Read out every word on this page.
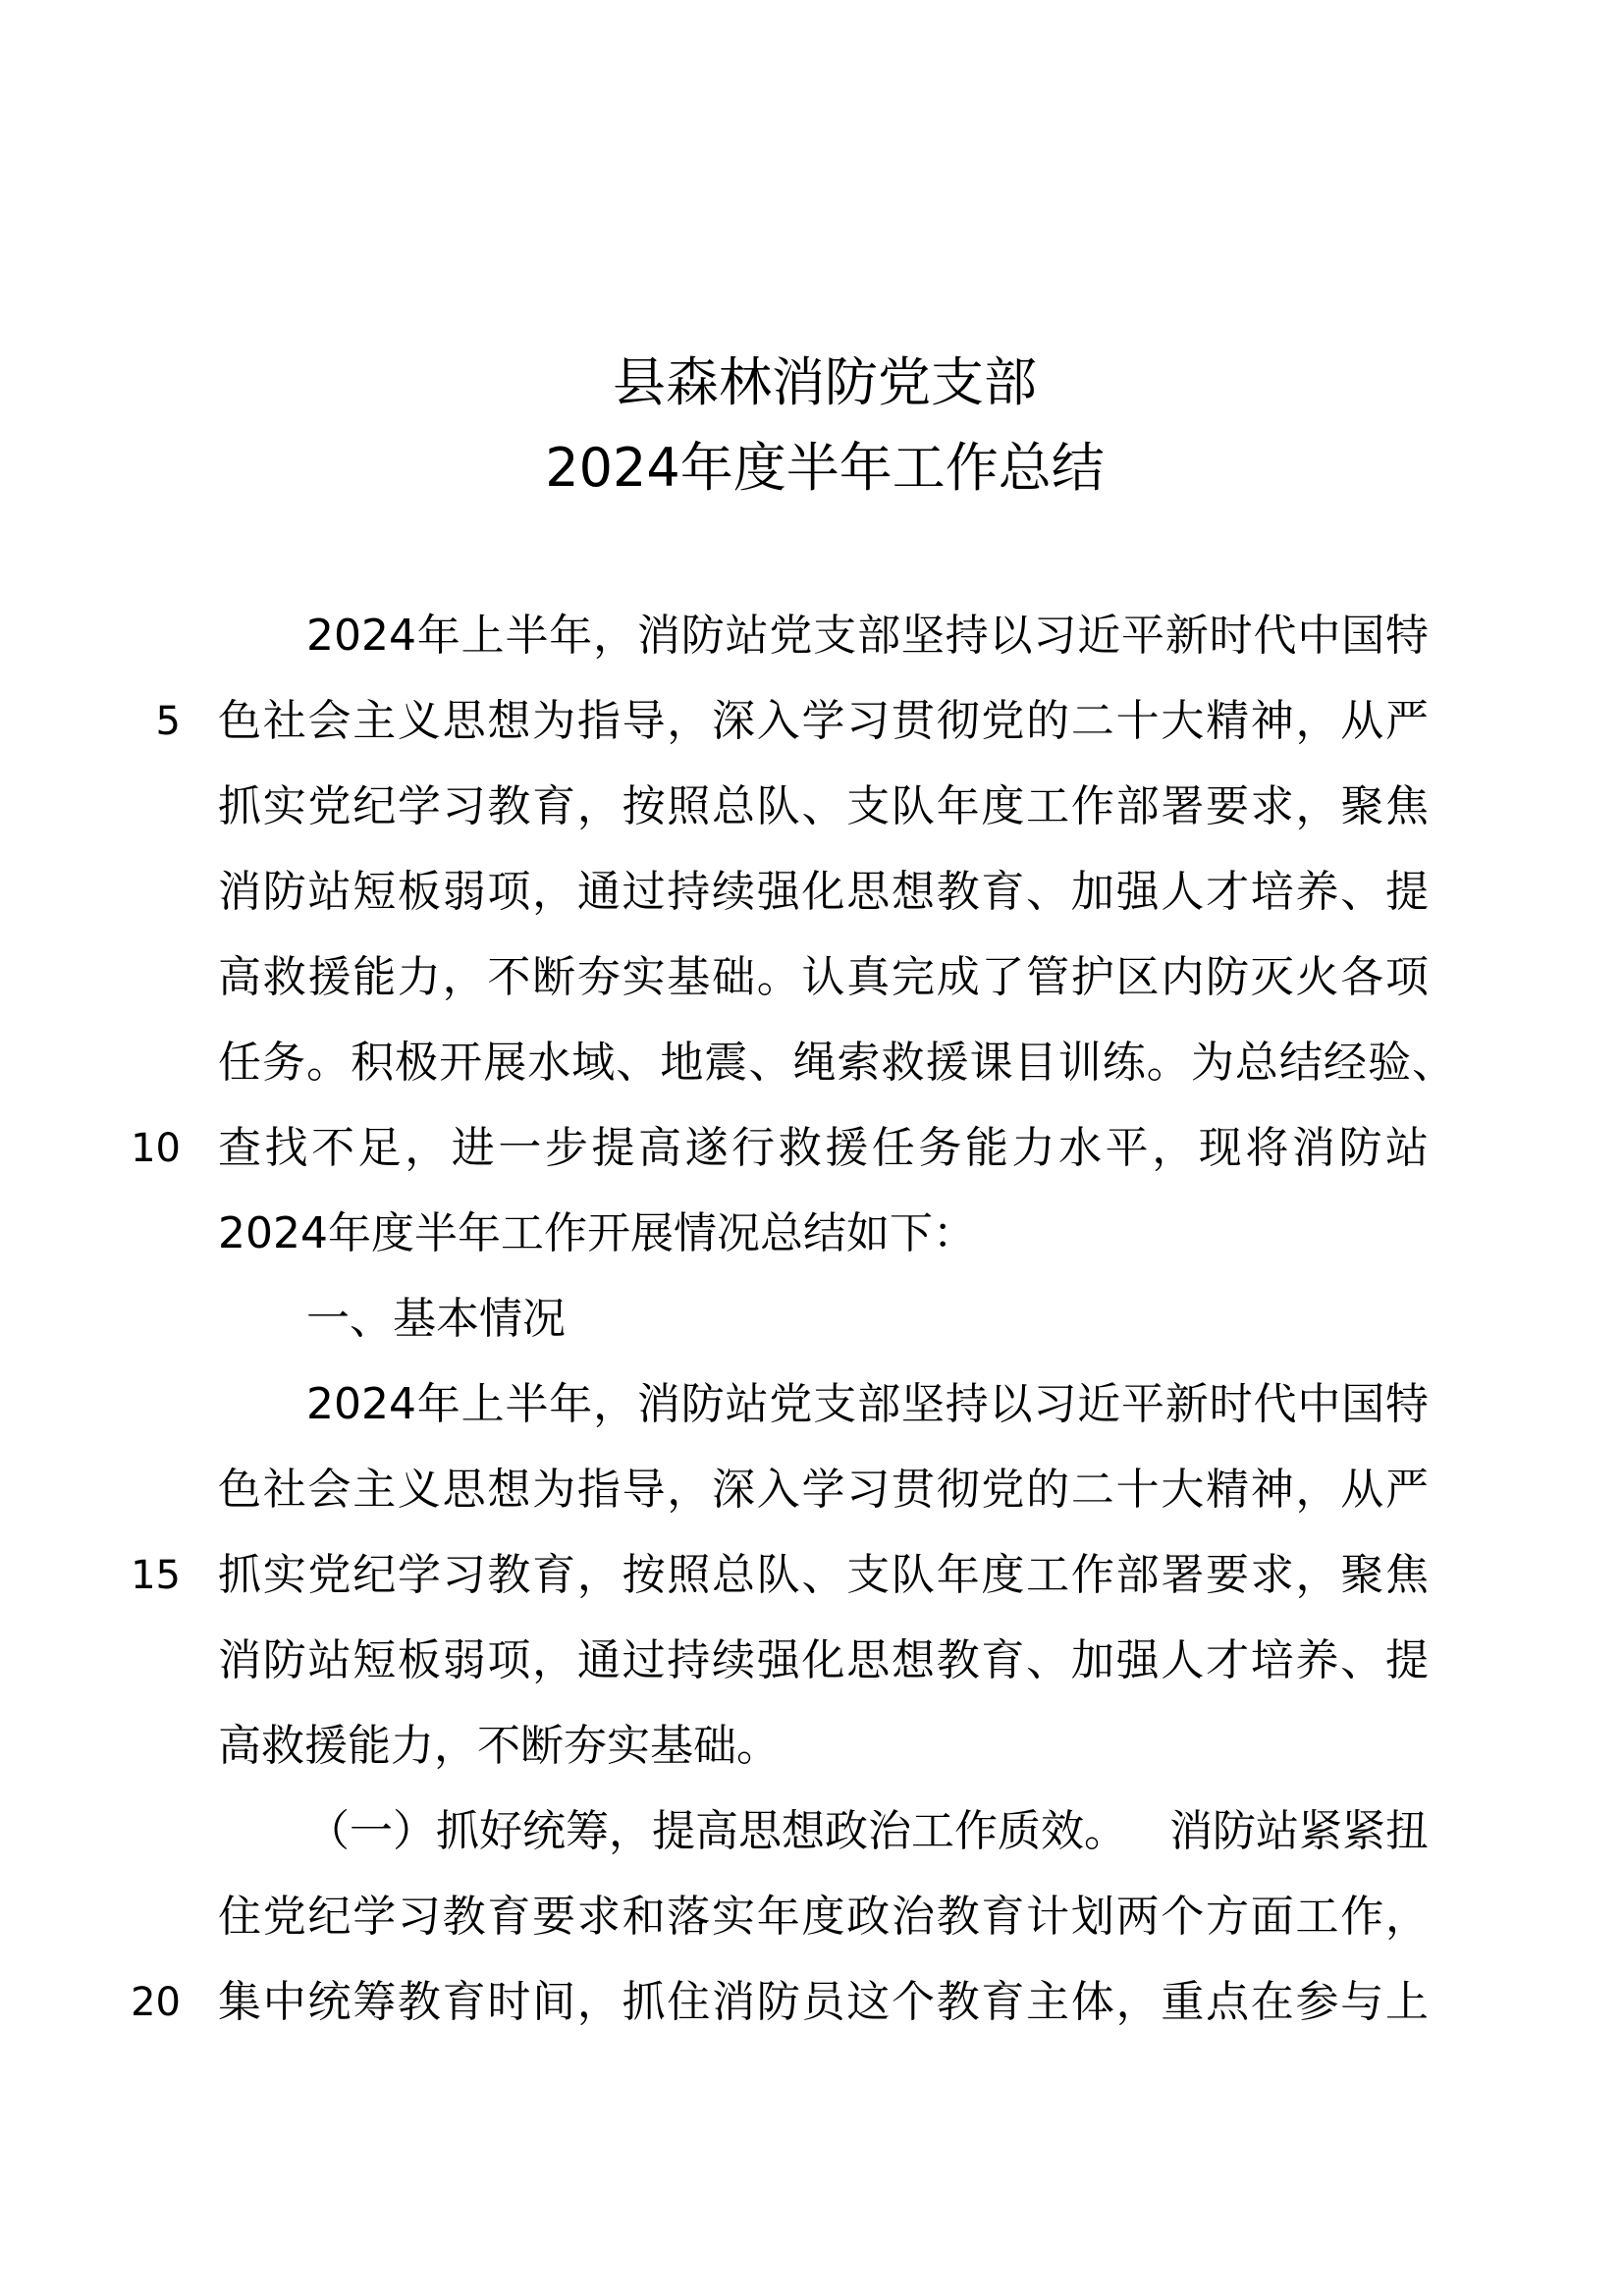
县森林消防党支部
2024年度半年工作总结
2024年上半年，消防站党支部坚持以习近平新时代中国特
色社会主义思想为指导，深入学习贯彻党的二十大精神，从严
抓实党纪学习教育，按照总队、支队年度工作部署要求，聚焦
消防站短板弱项，通过持续强化思想教育、加强人才培养、提
高救援能力，不断夯实基础。认真完成了管护区内防灭火各项
任务。积极开展水域、地震、绳索救援课目训练。为总结经验、
查找不足，进一步提高遂行救援任务能力水平，现将消防站
2024年度半年工作开展情况总结如下：
一、基本情况
2024年上半年，消防站党支部坚持以习近平新时代中国特
色社会主义思想为指导，深入学习贯彻党的二十大精神，从严
抓实党纪学习教育，按照总队、支队年度工作部署要求，聚焦
消防站短板弱项，通过持续强化思想教育、加强人才培养、提
高救援能力，不断夯实基础。
（一）抓好统筹，提高思想政治工作质效。 消防站紧紧扭
住党纪学习教育要求和落实年度政治教育计划两个方面工作，
集中统筹教育时间，抓住消防员这个教育主体，重点在参与上
5
10
15
20
